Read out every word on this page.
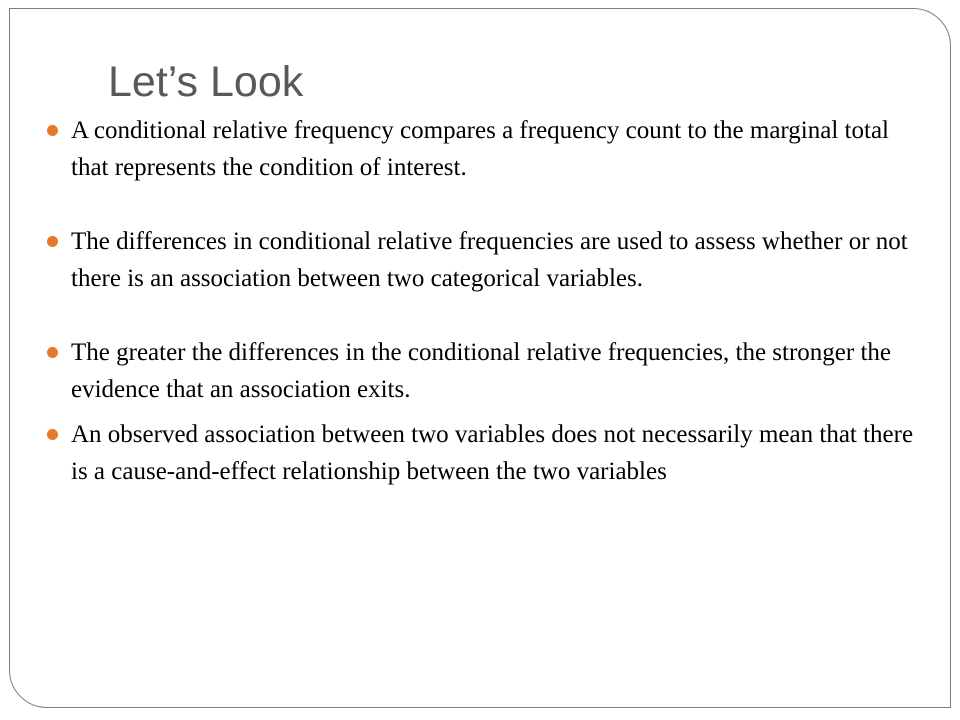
Let’s Look
A conditional relative frequency compares a frequency count to the marginal total that represents the condition of interest.
The differences in conditional relative frequencies are used to assess whether or not there is an association between two categorical variables.
The greater the differences in the conditional relative frequencies, the stronger the evidence that an association exits.
An observed association between two variables does not necessarily mean that there is a cause-and-effect relationship between the two variables
